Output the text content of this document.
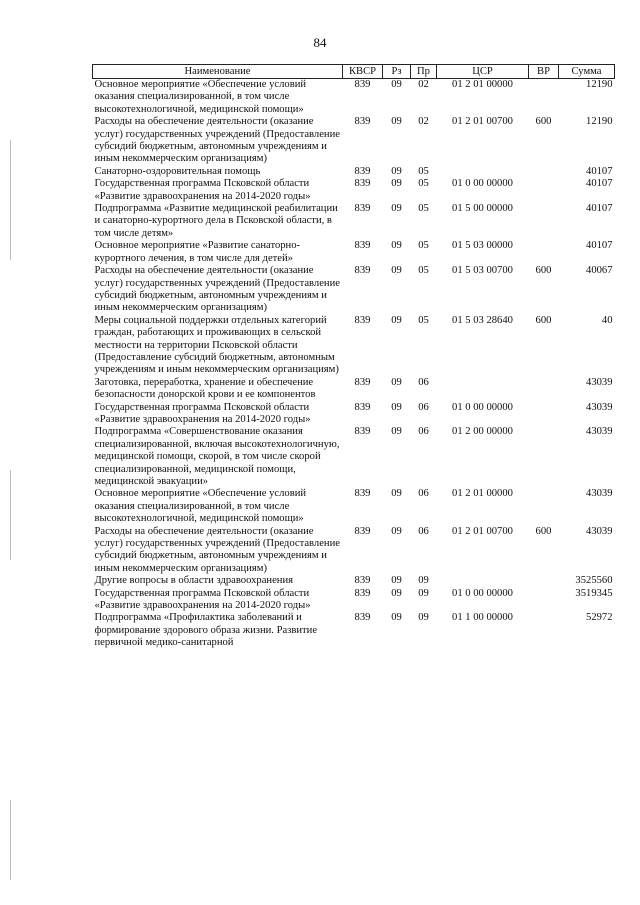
84
Наименование	КВСР	Рз	Пр	ЦСР	ВР	Сумма
Основное мероприятие «Обеспечение условий оказания специализированной, в том числе высокотехнологичной, медицинской помощи»	839	09	02	01 2 01 00000		12190
Расходы на обеспечение деятельности (оказание услуг) государственных учреждений (Предоставление субсидий бюджетным, автономным учреждениям и иным некоммерческим организациям)	839	09	02	01 2 01 00700	600	12190
Санаторно-оздоровительная помощь	839	09	05			40107
Государственная программа Псковской области «Развитие здравоохранения на 2014-2020 годы»	839	09	05	01 0 00 00000		40107
Подпрограмма «Развитие медицинской реабилитации и санаторно-курортного дела в Псковской области, в том числе детям»	839	09	05	01 5 00 00000		40107
Основное мероприятие «Развитие санаторно-курортного лечения, в том числе для детей»	839	09	05	01 5 03 00000		40107
Расходы на обеспечение деятельности (оказание услуг) государственных учреждений (Предоставление субсидий бюджетным, автономным учреждениям и иным некоммерческим организациям)	839	09	05	01 5 03 00700	600	40067
Меры социальной поддержки отдельных категорий граждан, работающих и проживающих в сельской местности на территории Псковской области (Предоставление субсидий бюджетным, автономным учреждениям и иным некоммерческим организациям)	839	09	05	01 5 03 28640	600	40
Заготовка, переработка, хранение и обеспечение безопасности донорской крови и ее компонентов	839	09	06			43039
Государственная программа Псковской области «Развитие здравоохранения на 2014-2020 годы»	839	09	06	01 0 00 00000		43039
Подпрограмма «Совершенствование оказания специализированной, включая высокотехнологичную, медицинской помощи, скорой, в том числе скорой специализированной, медицинской помощи, медицинской эвакуации»	839	09	06	01 2 00 00000		43039
Основное мероприятие «Обеспечение условий оказания специализированной, в том числе высокотехнологичной, медицинской помощи»	839	09	06	01 2 01 00000		43039
Расходы на обеспечение деятельности (оказание услуг) государственных учреждений (Предоставление субсидий бюджетным, автономным учреждениям и иным некоммерческим организациям)	839	09	06	01 2 01 00700	600	43039
Другие вопросы в области здравоохранения	839	09	09			3525560
Государственная программа Псковской области «Развитие здравоохранения на 2014-2020 годы»	839	09	09	01 0 00 00000		3519345
Подпрограмма «Профилактика заболеваний и формирование здорового образа жизни. Развитие первичной медико-санитарной	839	09	09	01 1 00 00000		52972
